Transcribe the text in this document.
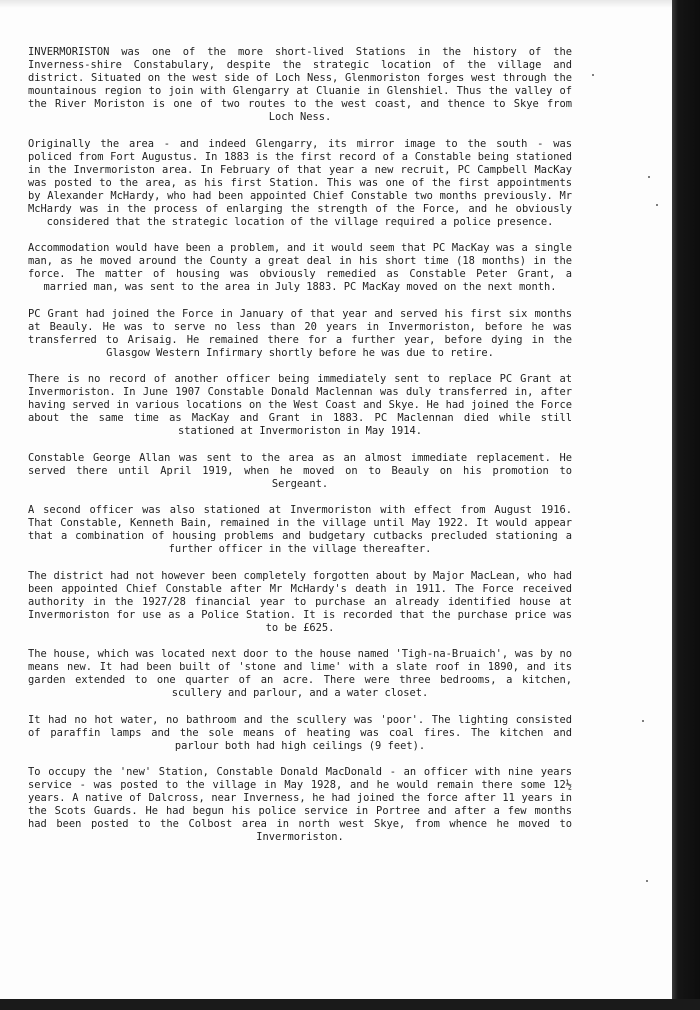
INVERMORISTON was one of the more short-lived Stations in the history of the Inverness-shire Constabulary, despite the strategic location of the village and district. Situated on the west side of Loch Ness, Glenmoriston forges west through the mountainous region to join with Glengarry at Cluanie in Glenshiel. Thus the valley of the River Moriston is one of two routes to the west coast, and thence to Skye from Loch Ness.

Originally the area - and indeed Glengarry, its mirror image to the south - was policed from Fort Augustus. In 1883 is the first record of a Constable being stationed in the Invermoriston area. In February of that year a new recruit, PC Campbell MacKay was posted to the area, as his first Station. This was one of the first appointments by Alexander McHardy, who had been appointed Chief Constable two months previously. Mr McHardy was in the process of enlarging the strength of the Force, and he obviously considered that the strategic location of the village required a police presence.

Accommodation would have been a problem, and it would seem that PC MacKay was a single man, as he moved around the County a great deal in his short time (18 months) in the force. The matter of housing was obviously remedied as Constable Peter Grant, a married man, was sent to the area in July 1883. PC MacKay moved on the next month.

PC Grant had joined the Force in January of that year and served his first six months at Beauly. He was to serve no less than 20 years in Invermoriston, before he was transferred to Arisaig. He remained there for a further year, before dying in the Glasgow Western Infirmary shortly before he was due to retire.

There is no record of another officer being immediately sent to replace PC Grant at Invermoriston. In June 1907 Constable Donald Maclennan was duly transferred in, after having served in various locations on the West Coast and Skye. He had joined the Force about the same time as MacKay and Grant in 1883. PC Maclennan died while still stationed at Invermoriston in May 1914.

Constable George Allan was sent to the area as an almost immediate replacement. He served there until April 1919, when he moved on to Beauly on his promotion to Sergeant.

A second officer was also stationed at Invermoriston with effect from August 1916. That Constable, Kenneth Bain, remained in the village until May 1922. It would appear that a combination of housing problems and budgetary cutbacks precluded stationing a further officer in the village thereafter.

The district had not however been completely forgotten about by Major MacLean, who had been appointed Chief Constable after Mr McHardy's death in 1911. The Force received authority in the 1927/28 financial year to purchase an already identified house at Invermoriston for use as a Police Station. It is recorded that the purchase price was to be £625.

The house, which was located next door to the house named 'Tigh-na-Bruaich', was by no means new. It had been built of 'stone and lime' with a slate roof in 1890, and its garden extended to one quarter of an acre. There were three bedrooms, a kitchen, scullery and parlour, and a water closet.

It had no hot water, no bathroom and the scullery was 'poor'. The lighting consisted of paraffin lamps and the sole means of heating was coal fires. The kitchen and parlour both had high ceilings (9 feet).

To occupy the 'new' Station, Constable Donald MacDonald - an officer with nine years service - was posted to the village in May 1928, and he would remain there some 12½ years. A native of Dalcross, near Inverness, he had joined the force after 11 years in the Scots Guards. He had begun his police service in Portree and after a few months had been posted to the Colbost area in north west Skye, from whence he moved to Invermoriston.
